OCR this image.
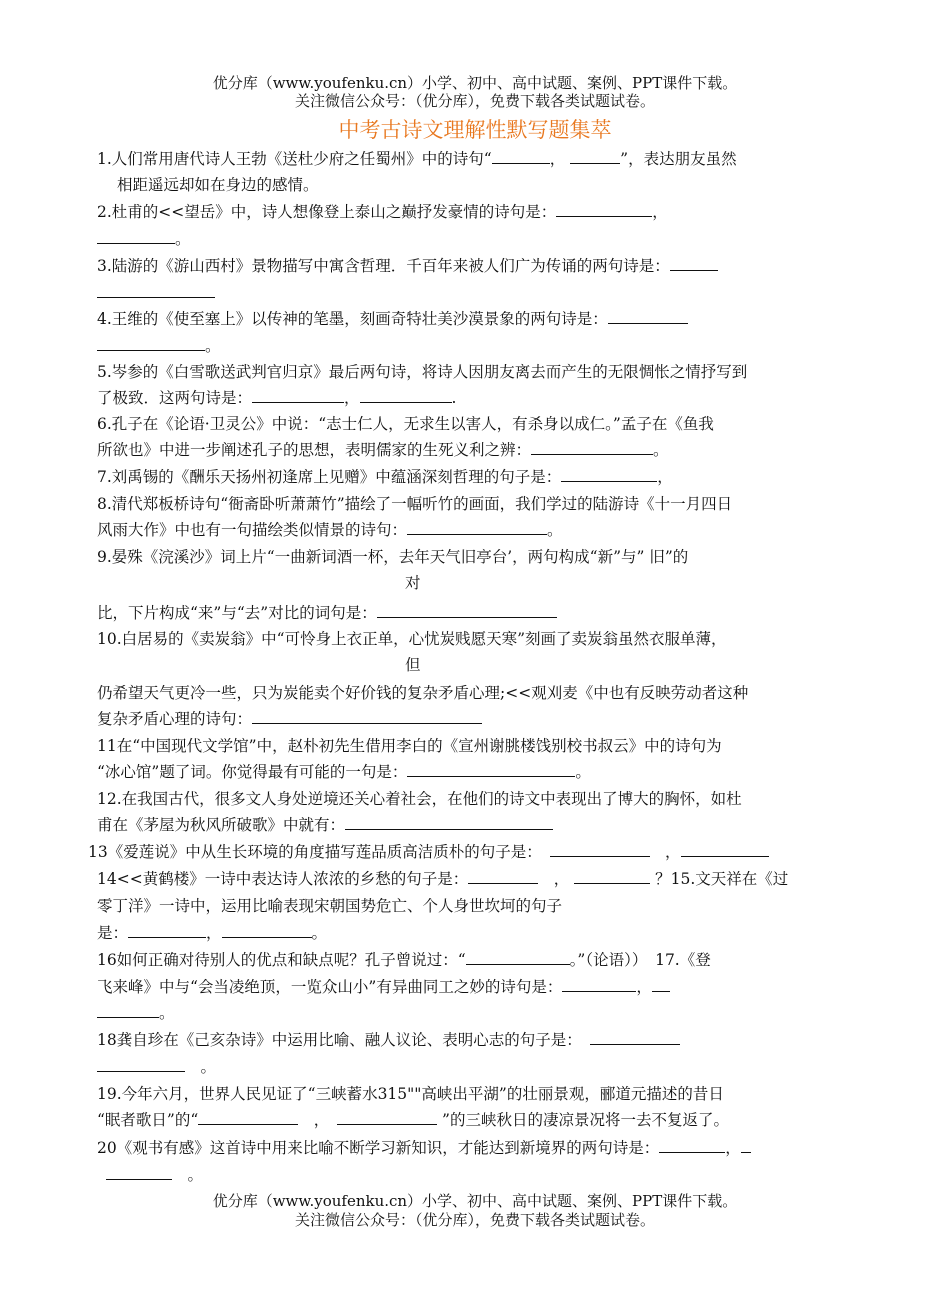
优分库（www.youfenku.cn）小学、初中、高中试题、案例、PPT课件下载。
关注微信公众号：（优分库），免费下载各类试题试卷。
中考古诗文理解性默写题集萃
1.人们常用唐代诗人王勃《送杜少府之任蜀州》中的诗句“	，	”，表达朋友虽然
相距遥远却如在身边的感情。
2.杜甫的<<望岳》中，诗人想像登上泰山之巅抒发豪情的诗句是：	，
。
3.陆游的《游山西村》景物描写中寓含哲理．千百年来被人们广为传诵的两句诗是：
4.王维的《使至塞上》以传神的笔墨，刻画奇特壮美沙漠景象的两句诗是：
。
5.岑参的《白雪歌送武判官归京》最后两句诗，将诗人因朋友离去而产生的无限惆怅之情抒写到
了极致．这两句诗是：	，	.
6.孔子在《论语·卫灵公》中说：“志士仁人，无求生以害人，有杀身以成仁。”孟子在《鱼我
所欲也》中进一步阐述孔子的思想，表明儒家的生死义利之辨：	。
7.刘禹锡的《酬乐天扬州初逢席上见赠》中蕴涵深刻哲理的句子是：	，
8.清代郑板桥诗句“衙斋卧听萧萧竹”描绘了一幅听竹的画面，我们学过的陆游诗《十一月四日
风雨大作》中也有一句描绘类似情景的诗句：	。
9.晏殊《浣溪沙》词上片“一曲新词酒一杯，去年天气旧亭台’，两句构成“新”与” 旧”的
对
比，下片构成“来”与“去”对比的词句是：
10.白居易的《卖炭翁》中“可怜身上衣正单，心忧炭贱愿天寒”刻画了卖炭翁虽然衣服单薄，
但
仍希望天气更冷一些，只为炭能卖个好价钱的复杂矛盾心理;<<观刈麦《中也有反映劳动者这种
复杂矛盾心理的诗句：
11在“中国现代文学馆”中，赵朴初先生借用李白的《宣州谢朓楼饯别校书叔云》中的诗句为
“冰心馆”题了词。你觉得最有可能的一句是：	。
12.在我国古代，很多文人身处逆境还关心着社会，在他们的诗文中表现出了博大的胸怀，如杜
甫在《茅屋为秋风所破歌》中就有：
13《爱莲说》中从生长环境的角度描写莲品质高洁质朴的句子是：　　	，
14<<黄鹤楼》一诗中表达诗人浓浓的乡愁的句子是：　	，	？15.文天祥在《过
零丁洋》一诗中，运用比喻表现宋朝国势危亡、个人身世坎坷的句子
是：	，	。
16如何正确对待别人的优点和缺点呢？孔子曾说过：“	。”（论语））　17.《登
飞来峰》中与“会当凌绝顶，一览众山小”有异曲同工之妙的诗句是：	，
。
18龚自珍在《己亥杂诗》中运用比喻、融人议论、表明心志的句子是：　
　。
19.今年六月，世界人民见证了“三峡蓄水315""高峡出平湖”的壮丽景观，郦道元描述的昔日
“眠者歌日”的“　	，　	”的三峡秋日的凄凉景况将一去不复返了。
20《观书有感》这首诗中用来比喻不断学习新知识，才能达到新境界的两句诗是：	，
　。
优分库（www.youfenku.cn）小学、初中、高中试题、案例、PPT课件下载。
关注微信公众号：（优分库），免费下载各类试题试卷。
